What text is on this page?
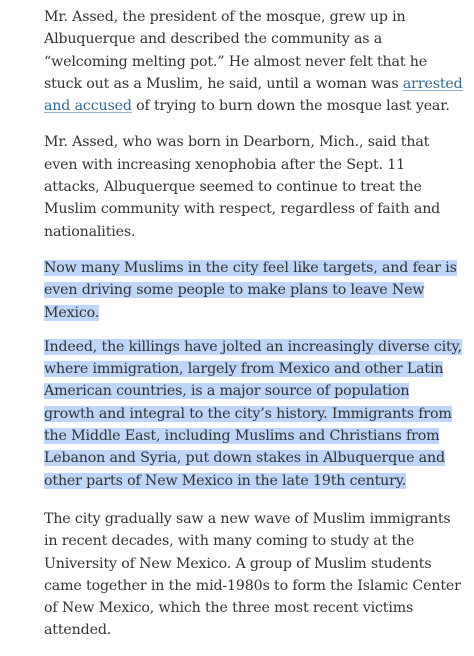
Mr. Assed, the president of the mosque, grew up in Albuquerque and described the community as a “welcoming melting pot.” He almost never felt that he stuck out as a Muslim, he said, until a woman was arrested and accused of trying to burn down the mosque last year.

Mr. Assed, who was born in Dearborn, Mich., said that even with increasing xenophobia after the Sept. 11 attacks, Albuquerque seemed to continue to treat the Muslim community with respect, regardless of faith and nationalities.

Now many Muslims in the city feel like targets, and fear is even driving some people to make plans to leave New Mexico.

Indeed, the killings have jolted an increasingly diverse city, where immigration, largely from Mexico and other Latin American countries, is a major source of population growth and integral to the city’s history. Immigrants from the Middle East, including Muslims and Christians from Lebanon and Syria, put down stakes in Albuquerque and other parts of New Mexico in the late 19th century.

The city gradually saw a new wave of Muslim immigrants in recent decades, with many coming to study at the University of New Mexico. A group of Muslim students came together in the mid-1980s to form the Islamic Center of New Mexico, which the three most recent victims attended.
